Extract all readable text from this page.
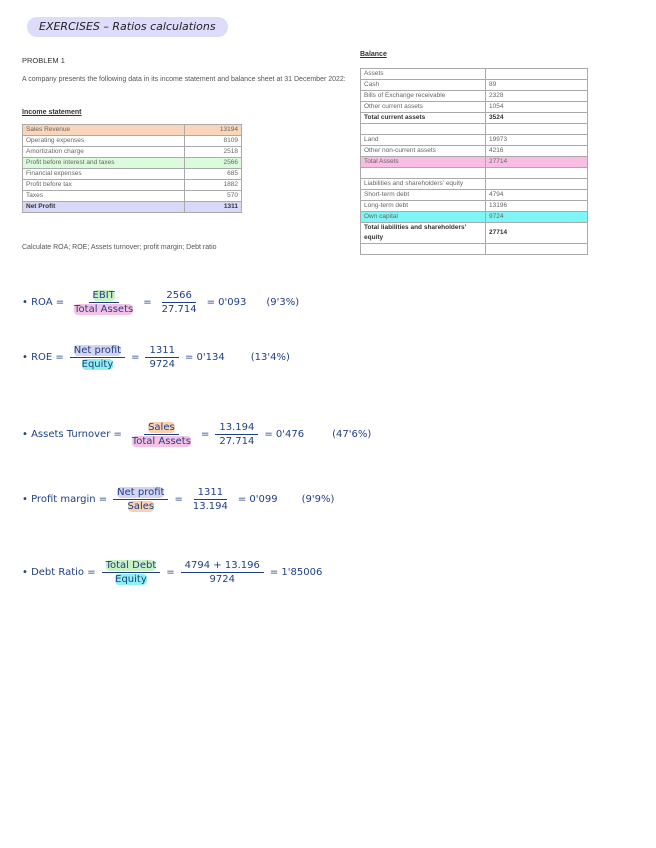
EXERCISES – Ratios calculations
PROBLEM 1
A company presents the following data in its income statement and balance sheet at 31 December 2022:
Income statement
Sales Revenue	13194
Operating expenses	8109
Amortization charge	2518
Profit before interest and taxes	2566
Financial expenses	685
Profit before tax	1882
Taxes	570
Net Profit	1311
Calculate ROA; ROE; Assets turnover; profit margin; Debt ratio
Balance
Assets	
Cash	89
Bills of Exchange receivable	2328
Other current assets	1054
Total current assets	3524

Land	19973
Other non-current assets	4216
Total Assets	27714

Liabilities and shareholders' equity	
Short-term debt	4794
Long-term debt	13196
Own capital	9724
Total liabilities and shareholders' equity	27714

• ROA = $\frac{\text{EBIT}}{\text{Total Assets}} = \frac{2566}{27.714} = 0'093$ (9'3%)
• ROE = $\frac{\text{Net profit}}{\text{Equity}} = \frac{1311}{9724} = 0'134$	(13'4%)
• Assets Turnover = $\frac{\text{Sales}}{\text{Total Assets}} = \frac{13.194}{27.714} = 0'476$	(47'6%)
• Profit margin = $\frac{\text{Net profit}}{\text{Sales}} = \frac{1311}{13.194} = 0'099$ (9'9%)
• Debt Ratio = $\frac{\text{Total Debt}}{\text{Equity}} = \frac{4794 + 13.196}{9724} = 1'85006$
